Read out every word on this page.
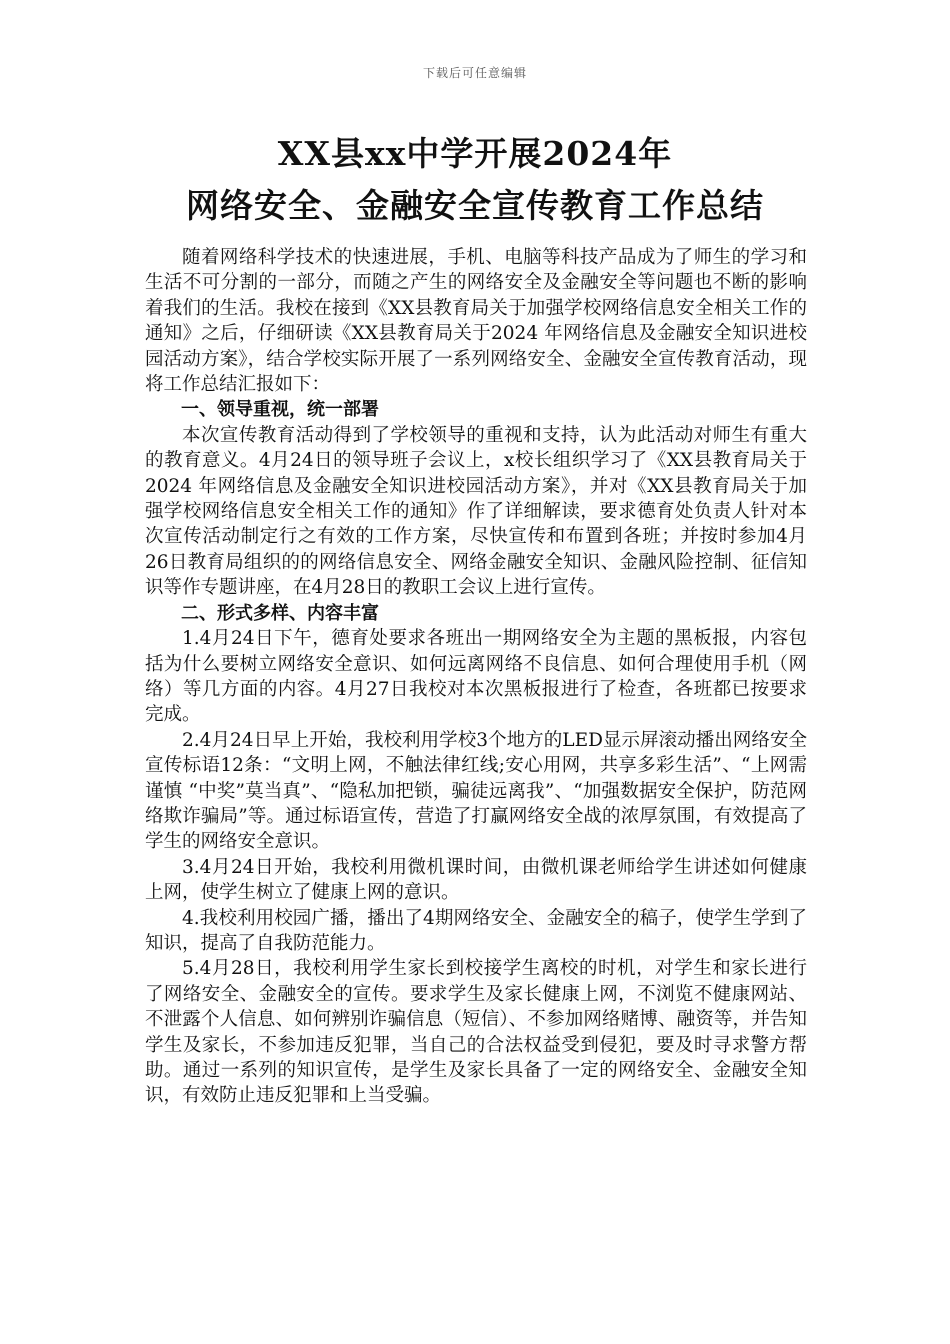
下载后可任意编辑
XX县xx中学开展2024年
网络安全、金融安全宣传教育工作总结

随着网络科学技术的快速进展，手机、电脑等科技产品成为了师生的学习和生活不可分割的一部分，而随之产生的网络安全及金融安全等问题也不断的影响着我们的生活。我校在接到《XX县教育局关于加强学校网络信息安全相关工作的通知》之后，仔细研读《XX县教育局关于2024 年网络信息及金融安全知识进校园活动方案》，结合学校实际开展了一系列网络安全、金融安全宣传教育活动，现将工作总结汇报如下：

一、领导重视，统一部署

本次宣传教育活动得到了学校领导的重视和支持，认为此活动对师生有重大的教育意义。4月24日的领导班子会议上，x校长组织学习了《XX县教育局关于2024 年网络信息及金融安全知识进校园活动方案》，并对《XX县教育局关于加强学校网络信息安全相关工作的通知》作了详细解读，要求德育处负责人针对本次宣传活动制定行之有效的工作方案，尽快宣传和布置到各班；并按时参加4月26日教育局组织的的网络信息安全、网络金融安全知识、金融风险控制、征信知识等作专题讲座，在4月28日的教职工会议上进行宣传。

二、形式多样、内容丰富

1.4月24日下午，德育处要求各班出一期网络安全为主题的黑板报，内容包括为什么要树立网络安全意识、如何远离网络不良信息、如何合理使用手机（网络）等几方面的内容。4月27日我校对本次黑板报进行了检查，各班都已按要求完成。

2.4月24日早上开始，我校利用学校3个地方的LED显示屏滚动播出网络安全宣传标语12条：“文明上网，不触法律红线;安心用网，共享多彩生活”、“上网需谨慎 “中奖”莫当真”、“隐私加把锁，骗徒远离我”、“加强数据安全保护，防范网络欺诈骗局”等。通过标语宣传，营造了打赢网络安全战的浓厚氛围，有效提高了学生的网络安全意识。

3.4月24日开始，我校利用微机课时间，由微机课老师给学生讲述如何健康上网，使学生树立了健康上网的意识。

4.我校利用校园广播，播出了4期网络安全、金融安全的稿子，使学生学到了知识，提高了自我防范能力。

5.4月28日，我校利用学生家长到校接学生离校的时机，对学生和家长进行了网络安全、金融安全的宣传。要求学生及家长健康上网，不浏览不健康网站、不泄露个人信息、如何辨别诈骗信息（短信）、不参加网络赌博、融资等，并告知学生及家长，不参加违反犯罪，当自己的合法权益受到侵犯，要及时寻求警方帮助。通过一系列的知识宣传，是学生及家长具备了一定的网络安全、金融安全知识，有效防止违反犯罪和上当受骗。
